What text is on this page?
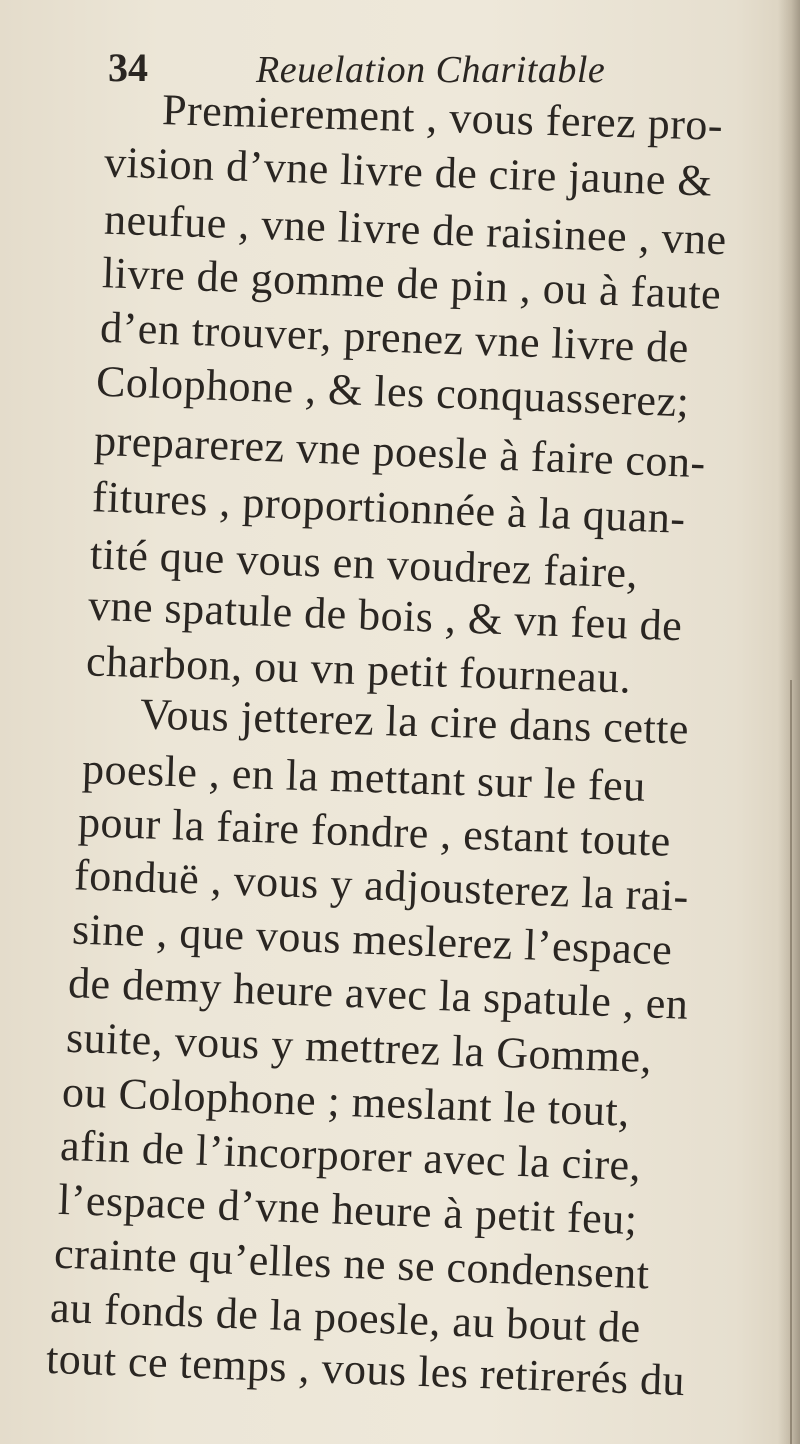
34	Reuelation Charitable
Premierement , vous ferez pro-
vision d’vne livre de cire jaune &
neufue , vne livre de raisinee , vne
livre de gomme de pin , ou à faute
d’en trouver, prenez vne livre de
Colophone , & les conquasserez;
preparerez vne poesle à faire con-
fitures , proportionnée à la quan-
tité que vous en voudrez faire,
vne spatule de bois , & vn feu de
charbon, ou vn petit fourneau.
Vous jetterez la cire dans cette
poesle , en la mettant sur le feu
pour la faire fondre , estant toute
fonduë , vous y adjousterez la rai-
sine , que vous meslerez l’espace
de demy heure avec la spatule , en
suite, vous y mettrez la Gomme,
ou Colophone ; meslant le tout,
afin de l’incorporer avec la cire,
l’espace d’vne heure à petit feu;
crainte qu’elles ne se condensent
au fonds de la poesle, au bout de
tout ce temps , vous les retirerés du
